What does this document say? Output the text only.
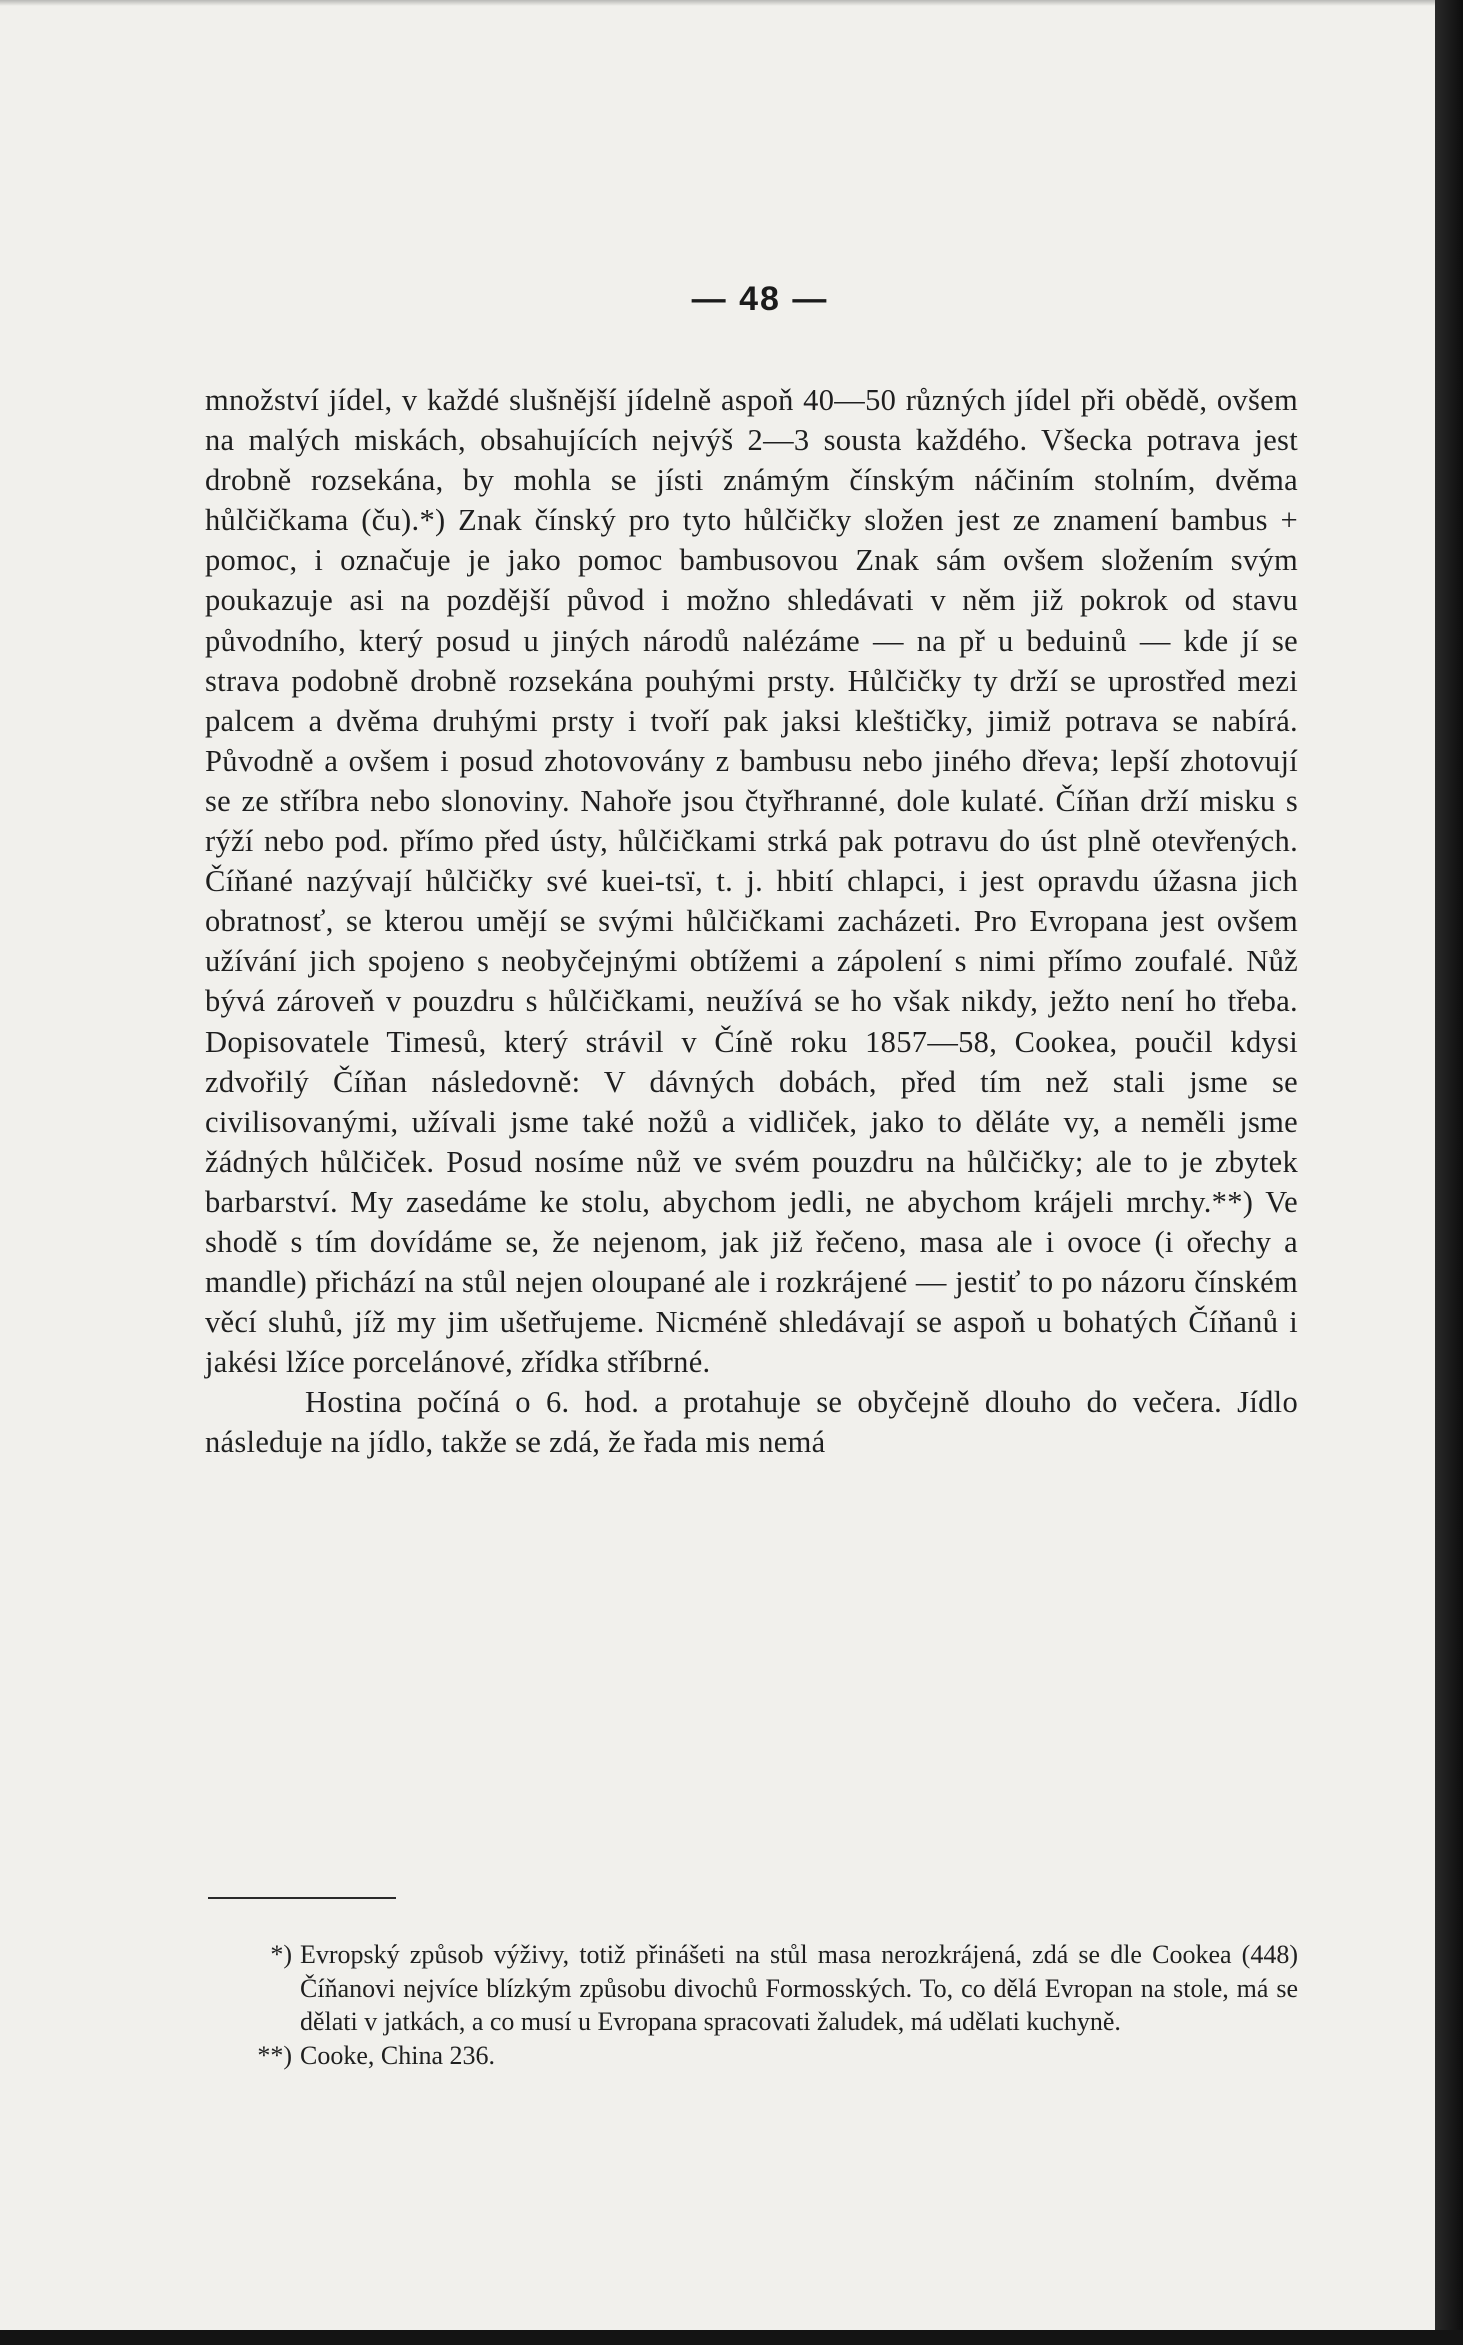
— 48 —

množství jídel, v každé slušnější jídelně aspoň 40—50 různých jídel při obědě, ovšem na malých miskách, obsahujících nejvýš 2—3 sousta každého. Všecka potrava jest drobně rozsekána, by mohla se jísti známým čínským náčiním stolním, dvěma hůlčičkama (ču).*) Znak čínský pro tyto hůlčičky složen jest ze znamení bambus + pomoc, i označuje je jako pomoc bambusovou Znak sám ovšem složením svým poukazuje asi na pozdější původ i možno shledávati v něm již pokrok od stavu původního, který posud u jiných národů nalézáme — na př u beduinů — kde jí se strava podobně drobně rozsekána pouhými prsty. Hůlčičky ty drží se uprostřed mezi palcem a dvěma druhými prsty i tvoří pak jaksi kleštičky, jimiž potrava se nabírá. Původně a ovšem i posud zhotovovány z bambusu nebo jiného dřeva; lepší zhotovují se ze stříbra nebo slonoviny. Nahoře jsou čtyřhranné, dole kulaté. Číňan drží misku s rýží nebo pod. přímo před ústy, hůlčičkami strká pak potravu do úst plně otevřených. Číňané nazývají hůlčičky své kuei-tsï, t. j. hbití chlapci, i jest opravdu úžasna jich obratnosť, se kterou umějí se svými hůlčičkami zacházeti. Pro Evropana jest ovšem užívání jich spojeno s neobyčejnými obtížemi a zápolení s nimi přímo zoufalé. Nůž bývá zároveň v pouzdru s hůlčičkami, neužívá se ho však nikdy, ježto není ho třeba. Dopisovatele Timesů, který strávil v Číně roku 1857—58, Cookea, poučil kdysi zdvořilý Číňan následovně: V dávných dobách, před tím než stali jsme se civilisovanými, užívali jsme také nožů a vidliček, jako to děláte vy, a neměli jsme žádných hůlčiček. Posud nosíme nůž ve svém pouzdru na hůlčičky; ale to je zbytek barbarství. My zasedáme ke stolu, abychom jedli, ne abychom krájeli mrchy.**) Ve shodě s tím dovídáme se, že nejenom, jak již řečeno, masa ale i ovoce (i ořechy a mandle) přichází na stůl nejen oloupané ale i rozkrájené — jestiť to po názoru čínském věcí sluhů, jíž my jim ušetřujeme. Nicméně shledávají se aspoň u bohatých Číňanů i jakési lžíce porcelánové, zřídka stříbrné.

Hostina počíná o 6. hod. a protahuje se obyčejně dlouho do večera. Jídlo následuje na jídlo, takže se zdá, že řada mis nemá

*) Evropský způsob výživy, totiž přinášeti na stůl masa nerozkrájená, zdá se dle Cookea (448) Číňanovi nejvíce blízkým způsobu divochů Formosských. To, co dělá Evropan na stole, má se dělati v jatkách, a co musí u Evropana spracovati žaludek, má udělati kuchyně.
**) Cooke, China 236.
